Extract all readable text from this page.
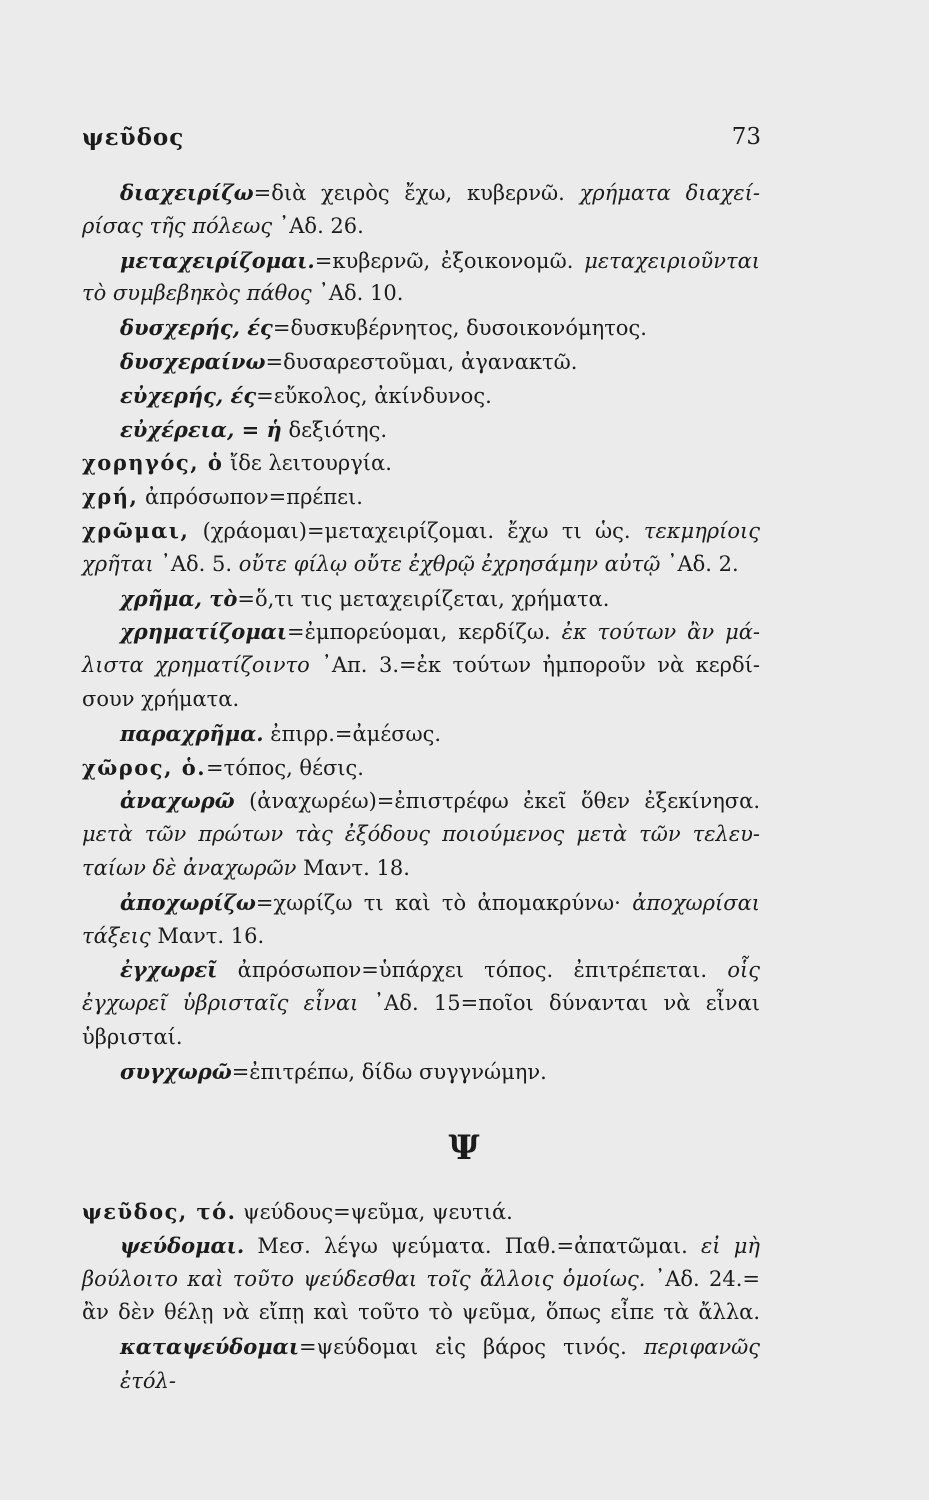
ψεῦδος	73
διαχειρίζω=διὰ χειρὸς ἔχω, κυβερνῶ. χρήματα διαχεί-
ρίσας τῆς πόλεως ᾿Αδ. 26.
μεταχειρίζομαι.=κυβερνῶ, ἐξοικονομῶ. μεταχειριοῦνται
τὸ συμβεβηκὸς πάθος ᾿Αδ. 10.
δυσχερής, ές=δυσκυβέρνητος, δυσοικονόμητος.
δυσχεραίνω=δυσαρεστοῦμαι, ἀγανακτῶ.
εὐχερής, ές=εὔκολος, ἀκίνδυνος.
εὐχέρεια, = ἡ δεξιότης.
χορηγός, ὁ ἴδε λειτουργία.
χρή, ἀπρόσωπον=πρέπει.
χρῶμαι, (χράομαι)=μεταχειρίζομαι. ἔχω τι ὡς. τεκμηρίοις
χρῆται ᾿Αδ. 5. οὔτε φίλῳ οὔτε ἐχθρῷ ἐχρησάμην αὐτῷ ᾿Αδ. 2.
χρῆμα, τὸ=ὅ,τι τις μεταχειρίζεται, χρήματα.
χρηματίζομαι=ἐμπορεύομαι, κερδίζω. ἐκ τούτων ἂν μά-
λιστα χρηματίζοιντο ᾿Απ. 3.=ἐκ τούτων ἠμποροῦν νὰ κερδί-
σουν χρήματα.
παραχρῆμα. ἐπιρρ.=ἀμέσως.
χῶρος, ὁ.=τόπος, θέσις.
ἀναχωρῶ (ἀναχωρέω)=ἐπιστρέφω ἐκεῖ ὅθεν ἐξεκίνησα.
μετὰ τῶν πρώτων τὰς ἐξόδους ποιούμενος μετὰ τῶν τελευ-
ταίων δὲ ἀναχωρῶν Μαντ. 18.
ἀποχωρίζω=χωρίζω τι καὶ τὸ ἀπομακρύνω· ἀποχωρίσαι
τάξεις Μαντ. 16.
ἐγχωρεῖ ἀπρόσωπον=ὑπάρχει τόπος. ἐπιτρέπεται. οἷς
ἐγχωρεῖ ὑβρισταῖς εἶναι ᾿Αδ. 15=ποῖοι δύνανται νὰ εἶναι
ὑβρισταί.
συγχωρῶ=ἐπιτρέπω, δίδω συγγνώμην.
Ψ
ψεῦδος, τό. ψεύδους=ψεῦμα, ψευτιά.
ψεύδομαι. Μεσ. λέγω ψεύματα. Παθ.=ἀπατῶμαι. εἰ μὴ
βούλοιτο καὶ τοῦτο ψεύδεσθαι τοῖς ἄλλοις ὁμοίως. ᾿Αδ. 24.=
ἂν δὲν θέλῃ νὰ εἴπῃ καὶ τοῦτο τὸ ψεῦμα, ὅπως εἶπε τὰ ἄλλα.
καταψεύδομαι=ψεύδομαι εἰς βάρος τινός. περιφανῶς ἐτόλ-
